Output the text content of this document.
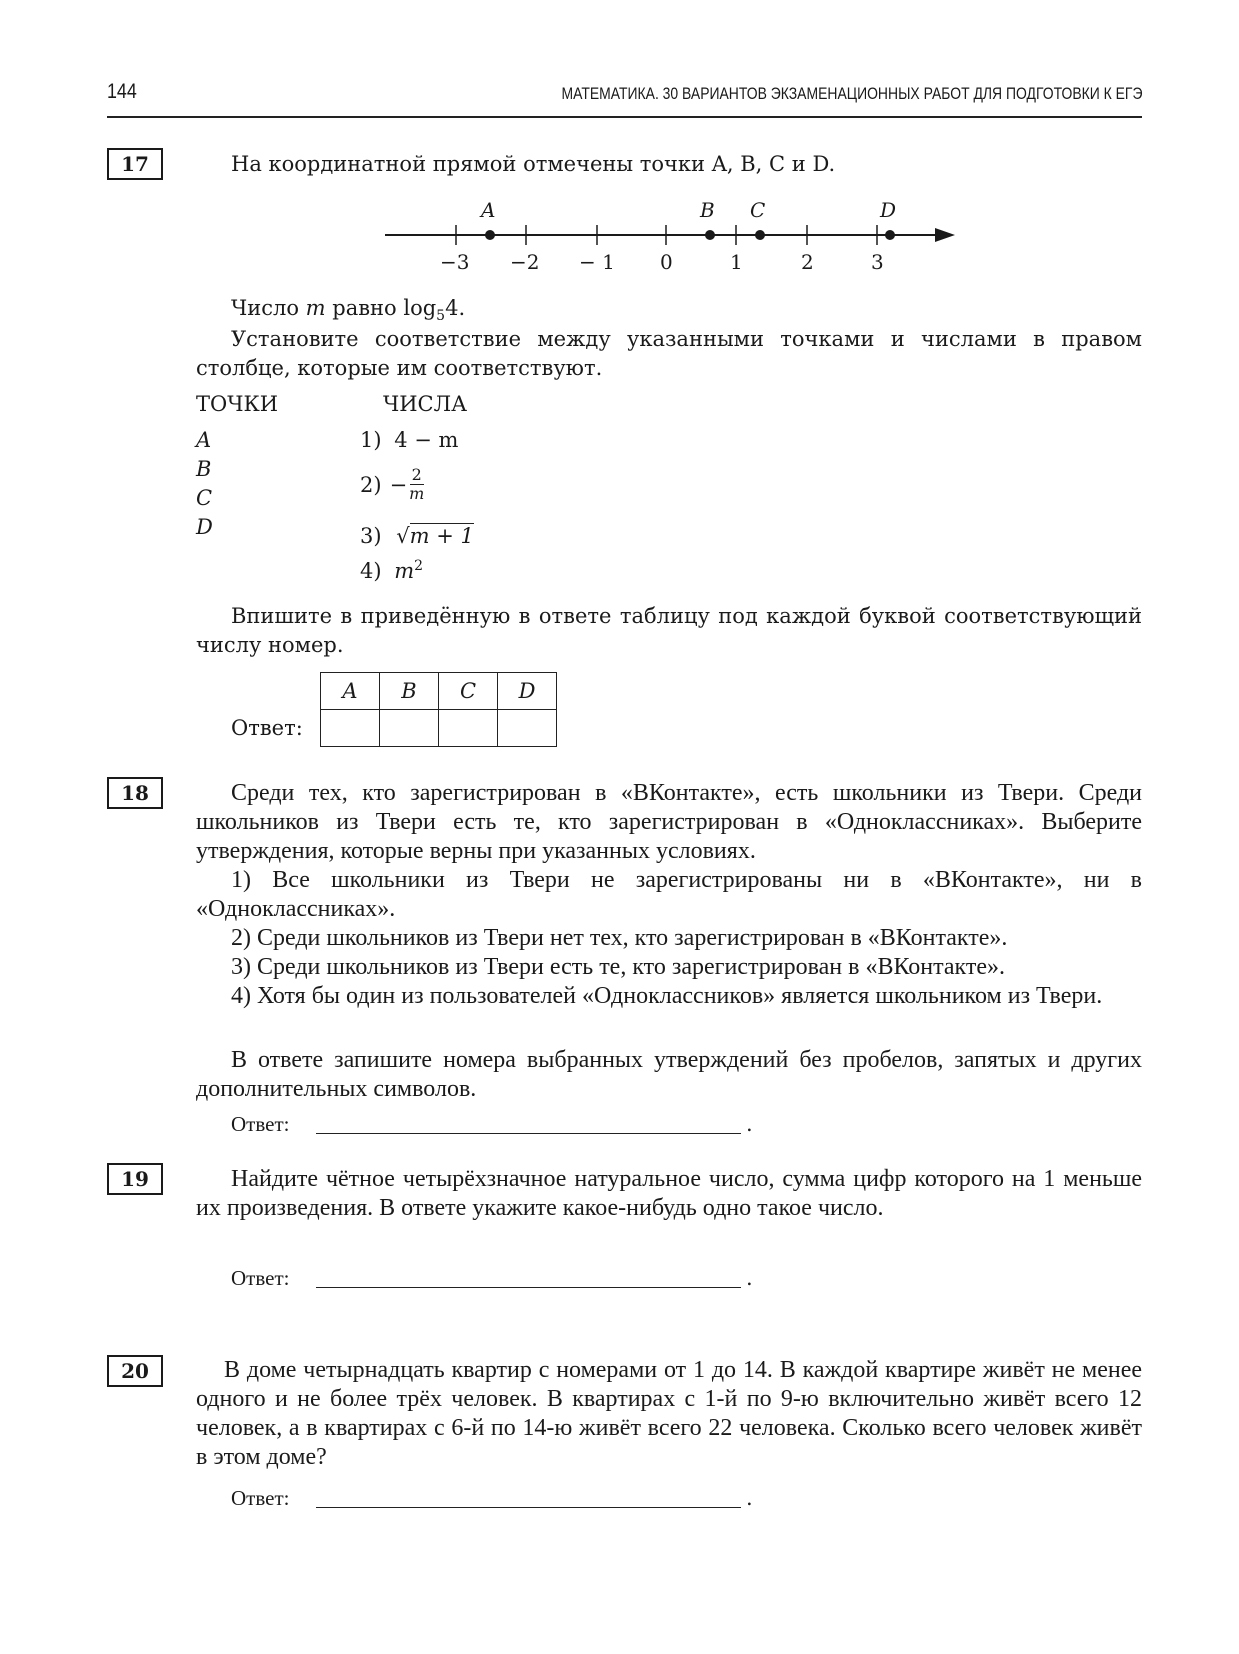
144	МАТЕМАТИКА. 30 ВАРИАНТОВ ЭКЗАМЕНАЦИОННЫХ РАБОТ ДЛЯ ПОДГОТОВКИ К ЕГЭ
17	На координатной прямой отмечены точки A, B, C и D.
A	B C	D
−3 −2 − 1 0	1	2	3
Число m равно $\log_54$.
Установите соответствие между указанными точками и числами в правом столбце, которые им соответствуют.
ТОЧКИ	ЧИСЛА
A
B
C
D
1) 4 − m
$2) - \frac{2}{m}$
3) √m + 1
4) $m^2$
Впишите в приведённую в ответе таблицу под каждой буквой соответствующий числу номер.
Ответ:
A	B	C	D

18	Среди тех, кто зарегистрирован в «ВКонтакте», есть школьники из Твери. Среди школьников из Твери есть те, кто зарегистрирован в «Одноклассниках». Выберите утверждения, которые верны при указанных условиях.
1) Все школьники из Твери не зарегистрированы ни в «ВКонтакте», ни в «Одноклассниках».
2) Среди школьников из Твери нет тех, кто зарегистрирован в «ВКонтакте».
3) Среди школьников из Твери есть те, кто зарегистрирован в «ВКонтакте».
4) Хотя бы один из пользователей «Одноклассников» является школьником из Твери.
В ответе запишите номера выбранных утверждений без пробелов, запятых и других дополнительных символов.
Ответ:	.
19	Найдите чётное четырёхзначное натуральное число, сумма цифр которого на 1 меньше их произведения. В ответе укажите какое-нибудь одно такое число.
Ответ:	.
20	В доме четырнадцать квартир с номерами от 1 до 14. В каждой квартире живёт не менее одного и не более трёх человек. В квартирах с 1-й по 9-ю включительно живёт всего 12 человек, а в квартирах с 6-й по 14-ю живёт всего 22 человека. Сколько всего человек живёт в этом доме?
Ответ:	.
